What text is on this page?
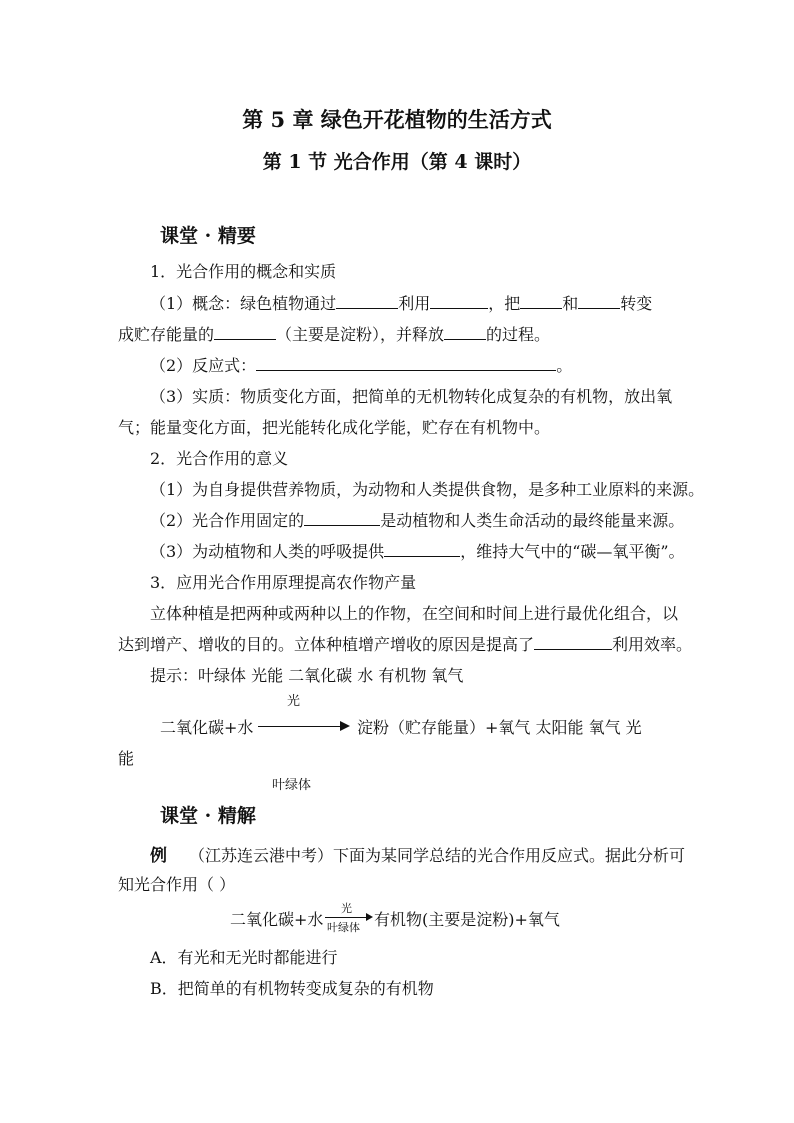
第 5 章 绿色开花植物的生活方式
第 1 节 光合作用（第 4 课时）
课堂 · 精要
1．光合作用的概念和实质
（1）概念：绿色植物通过	利用	，把	和	转变
成贮存能量的	（主要是淀粉），并释放	的过程。
（2）反应式：	。
（3）实质：物质变化方面，把简单的无机物转化成复杂的有机物，放出氧
气；能量变化方面，把光能转化成化学能，贮存在有机物中。
2．光合作用的意义
（1）为自身提供营养物质，为动物和人类提供食物，是多种工业原料的来源。
（2）光合作用固定的	是动植物和人类生命活动的最终能量来源。
（3）为动植物和人类的呼吸提供	，维持大气中的“碳—氧平衡”。
3．应用光合作用原理提高农作物产量
立体种植是把两种或两种以上的作物，在空间和时间上进行最优化组合，以
达到增产、增收的目的。立体种植增产增收的原因是提高了	利用效率。
提示：叶绿体 光能 二氧化碳 水 有机物 氧气
光
二氧化碳+水	淀粉（贮存能量）+氧气 太阳能 氧气 光
能
叶绿体
课堂 · 精解
例 （江苏连云港中考）下面为某同学总结的光合作用反应式。据此分析可
知光合作用（ ）
二氧化碳+水
光
叶绿体 有机物(主要是淀粉)+氧气
A．有光和无光时都能进行
B．把简单的有机物转变成复杂的有机物
